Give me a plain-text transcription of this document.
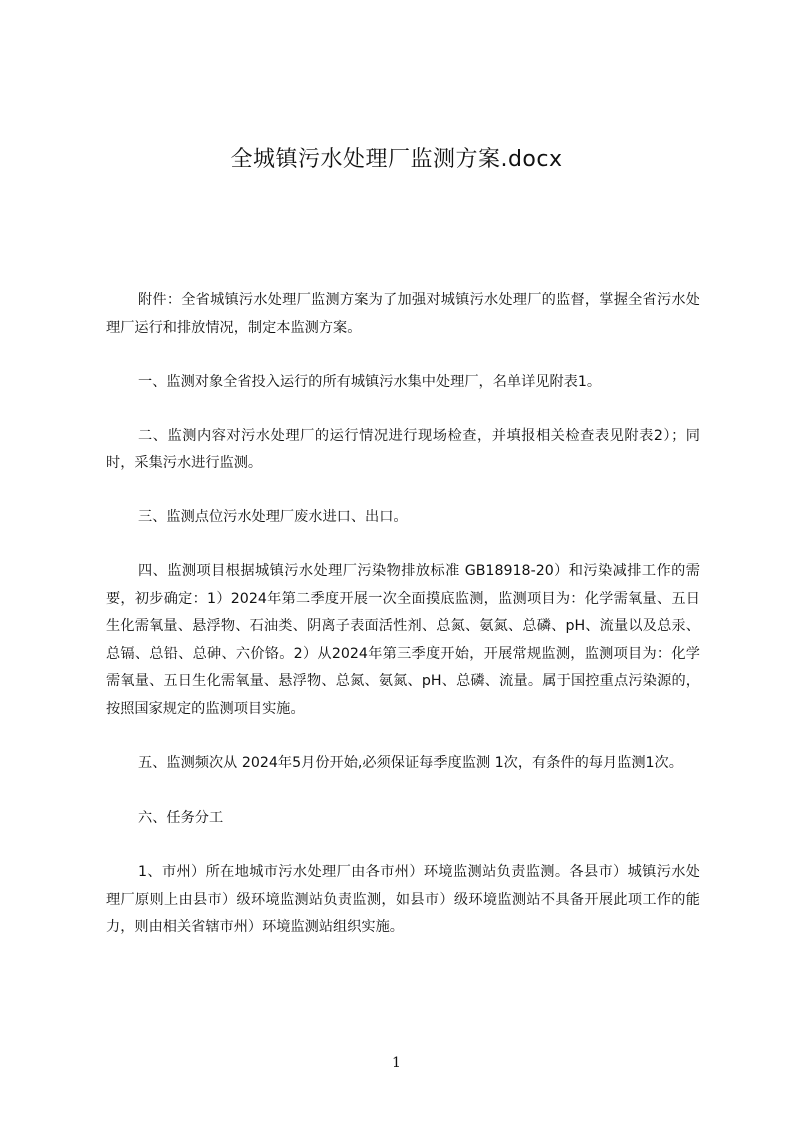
全城镇污水处理厂监测方案.docx

附件：全省城镇污水处理厂监测方案为了加强对城镇污水处理厂的监督，掌握全省污水处理厂运行和排放情况，制定本监测方案。

一、监测对象全省投入运行的所有城镇污水集中处理厂，名单详见附表1。

二、监测内容对污水处理厂的运行情况进行现场检查，并填报相关检查表见附表2）；同时，采集污水进行监测。

三、监测点位污水处理厂废水进口、出口。

四、监测项目根据城镇污水处理厂污染物排放标准 GB18918-20）和污染减排工作的需要，初步确定：1）2024年第二季度开展一次全面摸底监测，监测项目为：化学需氧量、五日生化需氧量、悬浮物、石油类、阴离子表面活性剂、总氮、氨氮、总磷、pH、流量以及总汞、总镉、总铅、总砷、六价铬。2）从2024年第三季度开始，开展常规监测，监测项目为：化学需氧量、五日生化需氧量、悬浮物、总氮、氨氮、pH、总磷、流量。属于国控重点污染源的，按照国家规定的监测项目实施。

五、监测频次从 2024年5月份开始,必须保证每季度监测 1次，有条件的每月监测1次。

六、任务分工

1、市州）所在地城市污水处理厂由各市州）环境监测站负责监测。各县市）城镇污水处理厂原则上由县市）级环境监测站负责监测，如县市）级环境监测站不具备开展此项工作的能力，则由相关省辖市州）环境监测站组织实施。

1
